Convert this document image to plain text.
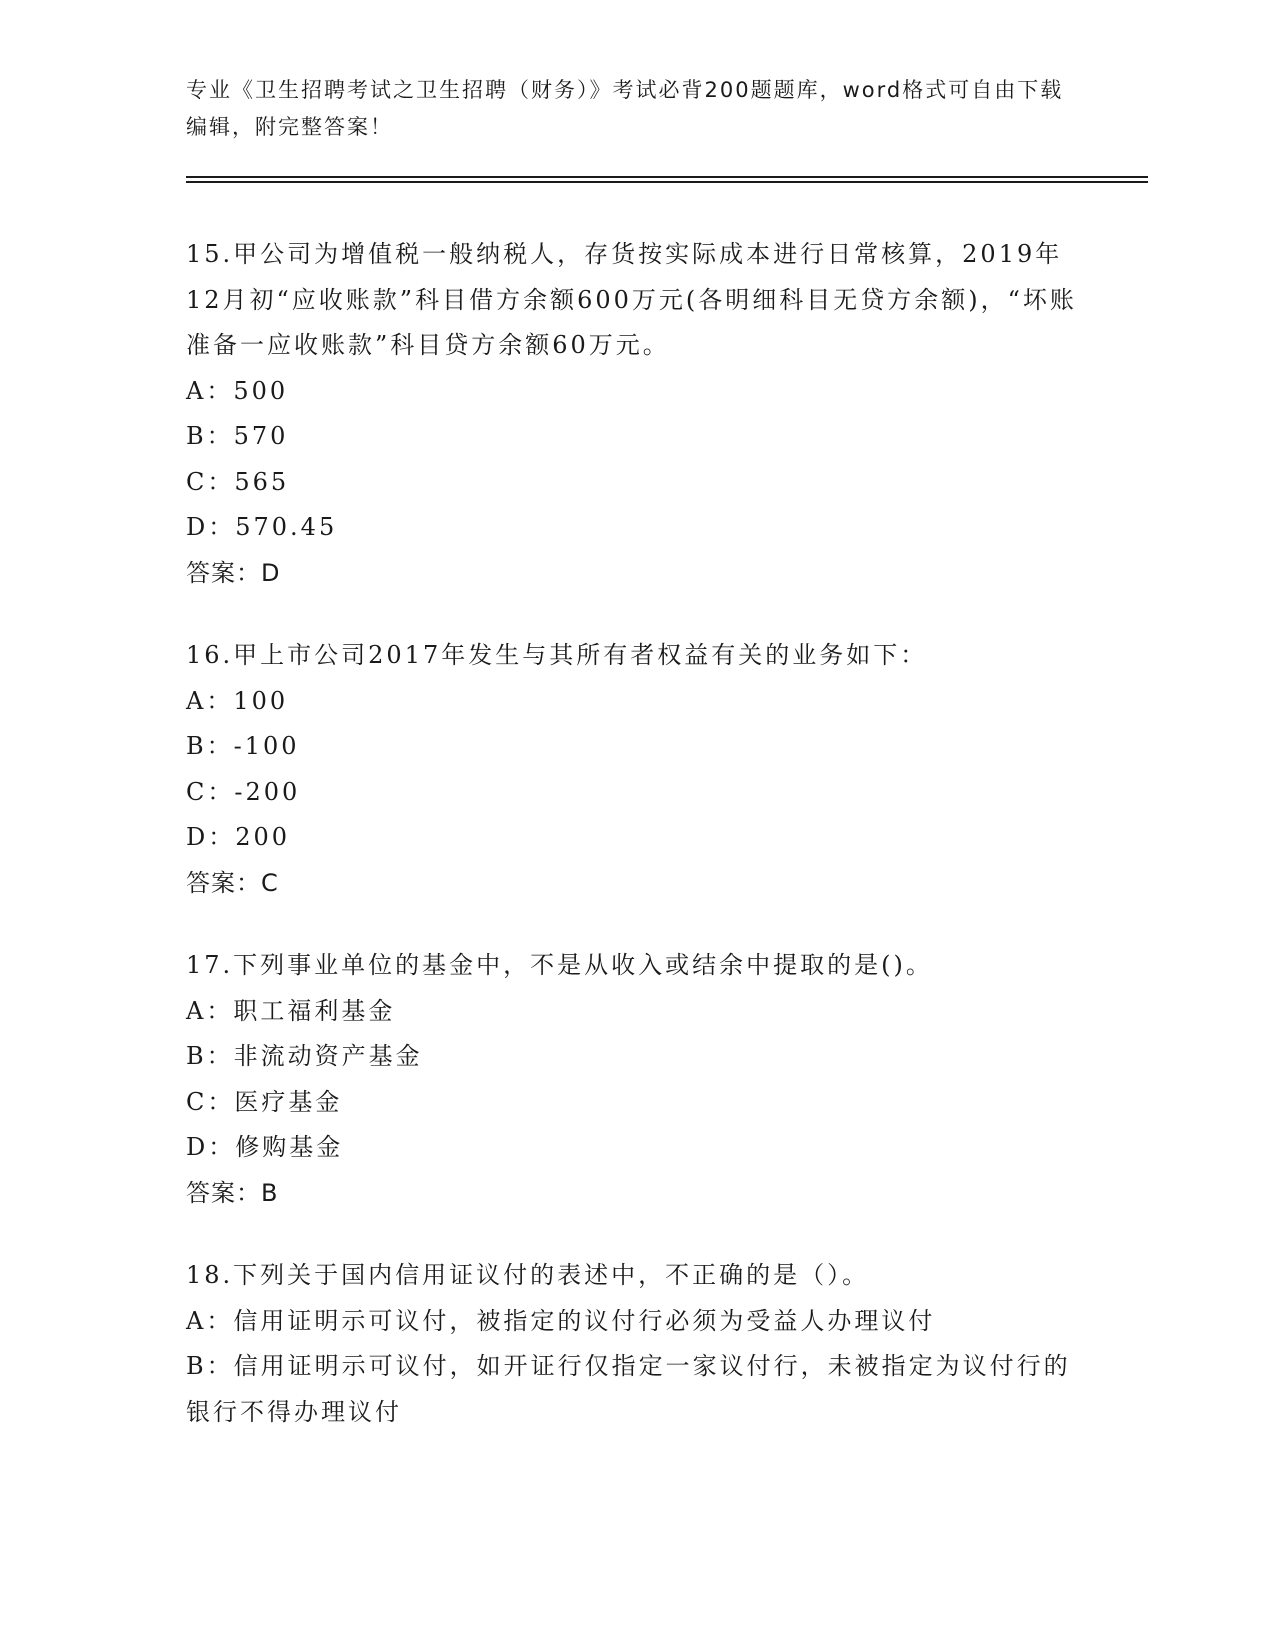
专业《卫生招聘考试之卫生招聘（财务）》考试必背200题题库，word格式可自由下载编辑，附完整答案！

15.甲公司为增值税一般纳税人，存货按实际成本进行日常核算，2019年12月初“应收账款”科目借方余额600万元(各明细科目无贷方余额)，“坏账准备一应收账款”科目贷方余额60万元。

A：500

B：570

C：565

D：570.45

答案：D

16.甲上市公司2017年发生与其所有者权益有关的业务如下：

A：100

B：-100

C：-200

D：200

答案：C

17.下列事业单位的基金中，不是从收入或结余中提取的是()。

A：职工福利基金

B：非流动资产基金

C：医疗基金

D：修购基金

答案：B

18.下列关于国内信用证议付的表述中，不正确的是（）。

A：信用证明示可议付，被指定的议付行必须为受益人办理议付

B：信用证明示可议付，如开证行仅指定一家议付行，未被指定为议付行的银行不得办理议付
